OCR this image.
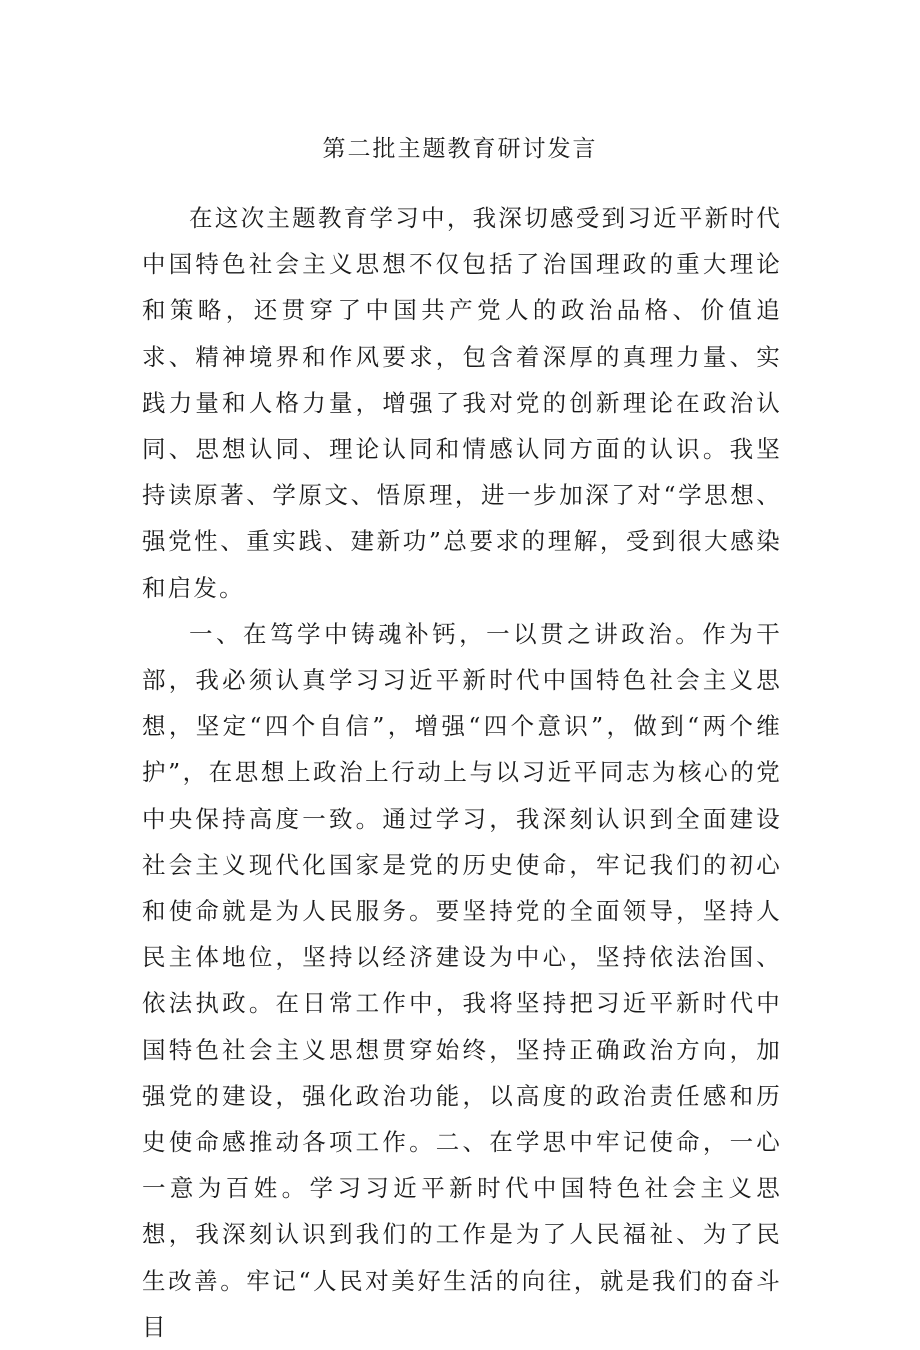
第二批主题教育研讨发言

在这次主题教育学习中，我深切感受到习近平新时代中国特色社会主义思想不仅包括了治国理政的重大理论和策略，还贯穿了中国共产党人的政治品格、价值追求、精神境界和作风要求，包含着深厚的真理力量、实践力量和人格力量，增强了我对党的创新理论在政治认同、思想认同、理论认同和情感认同方面的认识。我坚持读原著、学原文、悟原理，进一步加深了对“学思想、强党性、重实践、建新功”总要求的理解，受到很大感染和启发。

一、在笃学中铸魂补钙，一以贯之讲政治。作为干部，我必须认真学习习近平新时代中国特色社会主义思想，坚定“四个自信”，增强“四个意识”，做到“两个维护”，在思想上政治上行动上与以习近平同志为核心的党中央保持高度一致。通过学习，我深刻认识到全面建设社会主义现代化国家是党的历史使命，牢记我们的初心和使命就是为人民服务。要坚持党的全面领导，坚持人民主体地位，坚持以经济建设为中心，坚持依法治国、依法执政。在日常工作中，我将坚持把习近平新时代中国特色社会主义思想贯穿始终，坚持正确政治方向，加强党的建设，强化政治功能，以高度的政治责任感和历史使命感推动各项工作。二、在学思中牢记使命，一心一意为百姓。学习习近平新时代中国特色社会主义思想，我深刻认识到我们的工作是为了人民福祉、为了民生改善。牢记“人民对美好生活的向往，就是我们的奋斗目
